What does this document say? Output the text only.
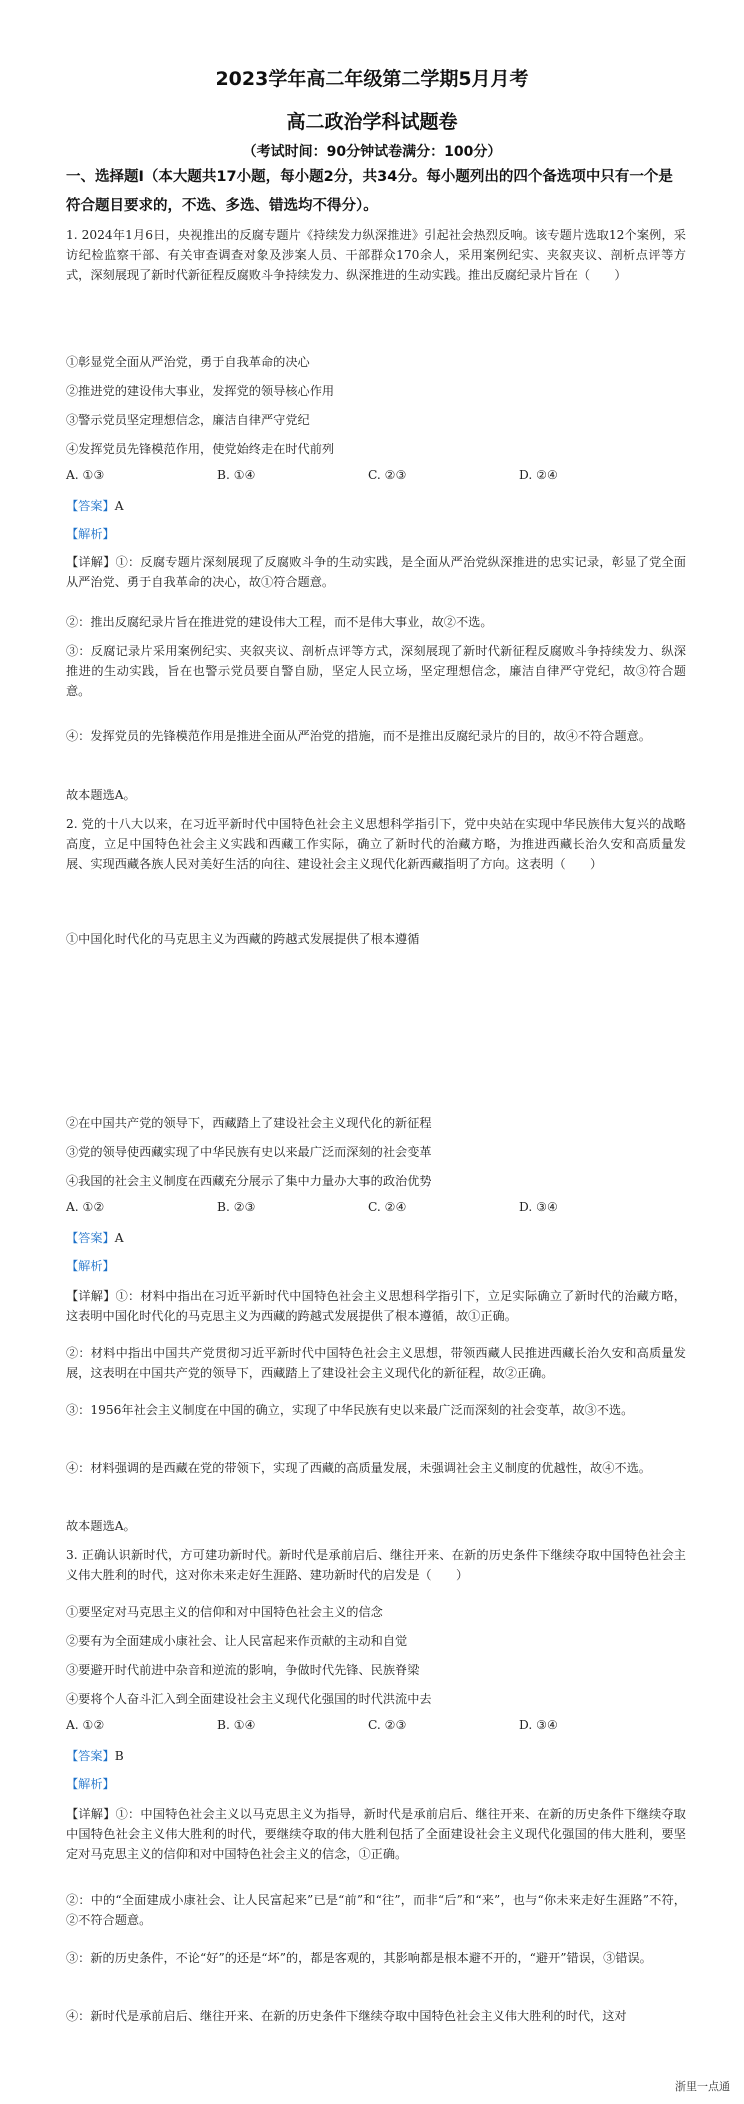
2023学年高二年级第二学期5月月考
高二政治学科试题卷
（考试时间：90分钟试卷满分：100分）
一、选择题Ⅰ（本大题共17小题，每小题2分，共34分。每小题列出的四个备选项中只有一个是符合题目要求的，不选、多选、错选均不得分）。
1. 2024年1月6日，央视推出的反腐专题片《持续发力纵深推进》引起社会热烈反响。该专题片选取12个案例，采访纪检监察干部、有关审查调查对象及涉案人员、干部群众170余人，采用案例纪实、夹叙夹议、剖析点评等方式，深刻展现了新时代新征程反腐败斗争持续发力、纵深推进的生动实践。推出反腐纪录片旨在（　　）
①彰显党全面从严治党，勇于自我革命的决心
②推进党的建设伟大事业，发挥党的领导核心作用
③警示党员坚定理想信念，廉洁自律严守党纪
④发挥党员先锋模范作用，使党始终走在时代前列
A. ①③	B. ①④	C. ②③	D. ②④
【答案】A
【解析】
【详解】①：反腐专题片深刻展现了反腐败斗争的生动实践，是全面从严治党纵深推进的忠实记录，彰显了党全面从严治党、勇于自我革命的决心，故①符合题意。
②：推出反腐纪录片旨在推进党的建设伟大工程，而不是伟大事业，故②不选。
③：反腐记录片采用案例纪实、夹叙夹议、剖析点评等方式，深刻展现了新时代新征程反腐败斗争持续发力、纵深推进的生动实践，旨在也警示党员要自警自励，坚定人民立场，坚定理想信念，廉洁自律严守党纪，故③符合题意。
④：发挥党员的先锋模范作用是推进全面从严治党的措施，而不是推出反腐纪录片的目的，故④不符合题意。
故本题选A。
2. 党的十八大以来，在习近平新时代中国特色社会主义思想科学指引下，党中央站在实现中华民族伟大复兴的战略高度，立足中国特色社会主义实践和西藏工作实际，确立了新时代的治藏方略，为推进西藏长治久安和高质量发展、实现西藏各族人民对美好生活的向往、建设社会主义现代化新西藏指明了方向。这表明（　　）
①中国化时代化的马克思主义为西藏的跨越式发展提供了根本遵循
②在中国共产党的领导下，西藏踏上了建设社会主义现代化的新征程
③党的领导使西藏实现了中华民族有史以来最广泛而深刻的社会变革
④我国的社会主义制度在西藏充分展示了集中力量办大事的政治优势
A. ①②	B. ②③	C. ②④	D. ③④
【答案】A
【解析】
【详解】①：材料中指出在习近平新时代中国特色社会主义思想科学指引下，立足实际确立了新时代的治藏方略，这表明中国化时代化的马克思主义为西藏的跨越式发展提供了根本遵循，故①正确。
②：材料中指出中国共产党贯彻习近平新时代中国特色社会主义思想，带领西藏人民推进西藏长治久安和高质量发展，这表明在中国共产党的领导下，西藏踏上了建设社会主义现代化的新征程，故②正确。
③：1956年社会主义制度在中国的确立，实现了中华民族有史以来最广泛而深刻的社会变革，故③不选。
④：材料强调的是西藏在党的带领下，实现了西藏的高质量发展，未强调社会主义制度的优越性，故④不选。
故本题选A。
3. 正确认识新时代，方可建功新时代。新时代是承前启后、继往开来、在新的历史条件下继续夺取中国特色社会主义伟大胜利的时代，这对你未来走好生涯路、建功新时代的启发是（　　）
①要坚定对马克思主义的信仰和对中国特色社会主义的信念
②要有为全面建成小康社会、让人民富起来作贡献的主动和自觉
③要避开时代前进中杂音和逆流的影响，争做时代先锋、民族脊梁
④要将个人奋斗汇入到全面建设社会主义现代化强国的时代洪流中去
A. ①②	B. ①④	C. ②③	D. ③④
【答案】B
【解析】
【详解】①：中国特色社会主义以马克思主义为指导，新时代是承前启后、继往开来、在新的历史条件下继续夺取中国特色社会主义伟大胜利的时代，要继续夺取的伟大胜利包括了全面建设社会主义现代化强国的伟大胜利，要坚定对马克思主义的信仰和对中国特色社会主义的信念，①正确。
②：中的“全面建成小康社会、让人民富起来”已是“前”和“往”，而非“后”和“来”，也与“你未来走好生涯路”不符，②不符合题意。
③：新的历史条件，不论“好”的还是“坏”的，都是客观的，其影响都是根本避不开的，“避开”错误，③错误。
④：新时代是承前启后、继往开来、在新的历史条件下继续夺取中国特色社会主义伟大胜利的时代，这对
浙里一点通
